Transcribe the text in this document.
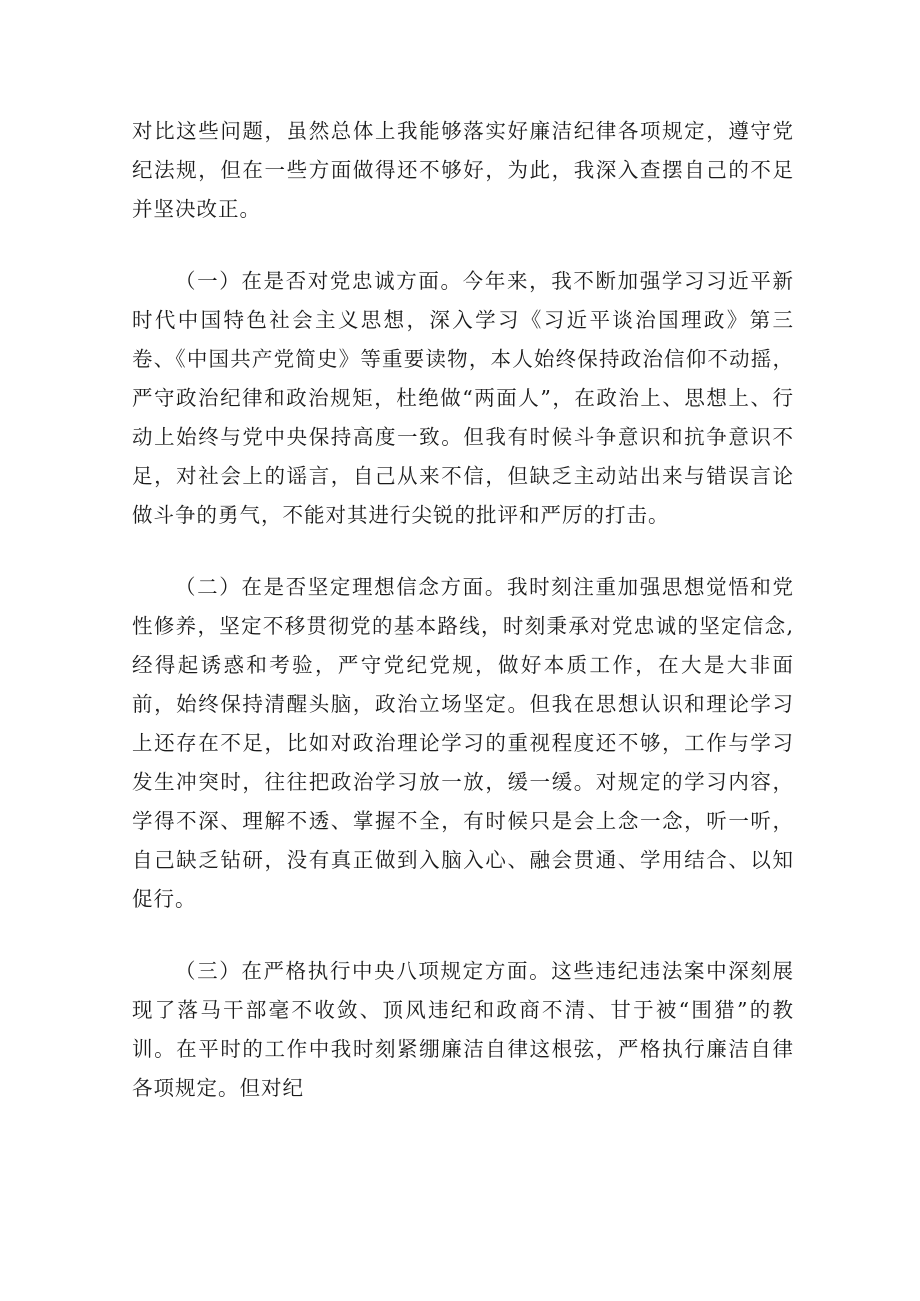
对比这些问题，虽然总体上我能够落实好廉洁纪律各项规定，遵守党纪法规，但在一些方面做得还不够好，为此，我深入查摆自己的不足并坚决改正。

（一）在是否对党忠诚方面。今年来，我不断加强学习习近平新时代中国特色社会主义思想，深入学习《习近平谈治国理政》第三卷、《中国共产党简史》等重要读物，本人始终保持政治信仰不动摇，严守政治纪律和政治规矩，杜绝做“两面人”，在政治上、思想上、行动上始终与党中央保持高度一致。但我有时候斗争意识和抗争意识不足，对社会上的谣言，自己从来不信，但缺乏主动站出来与错误言论做斗争的勇气，不能对其进行尖锐的批评和严厉的打击。

（二）在是否坚定理想信念方面。我时刻注重加强思想觉悟和党性修养，坚定不移贯彻党的基本路线，时刻秉承对党忠诚的坚定信念,经得起诱惑和考验，严守党纪党规，做好本质工作，在大是大非面前，始终保持清醒头脑，政治立场坚定。但我在思想认识和理论学习上还存在不足，比如对政治理论学习的重视程度还不够，工作与学习发生冲突时，往往把政治学习放一放，缓一缓。对规定的学习内容，学得不深、理解不透、掌握不全，有时候只是会上念一念，听一听，自己缺乏钻研，没有真正做到入脑入心、融会贯通、学用结合、以知促行。

（三）在严格执行中央八项规定方面。这些违纪违法案中深刻展现了落马干部毫不收敛、顶风违纪和政商不清、甘于被“围猎”的教训。在平时的工作中我时刻紧绷廉洁自律这根弦，严格执行廉洁自律各项规定。但对纪
